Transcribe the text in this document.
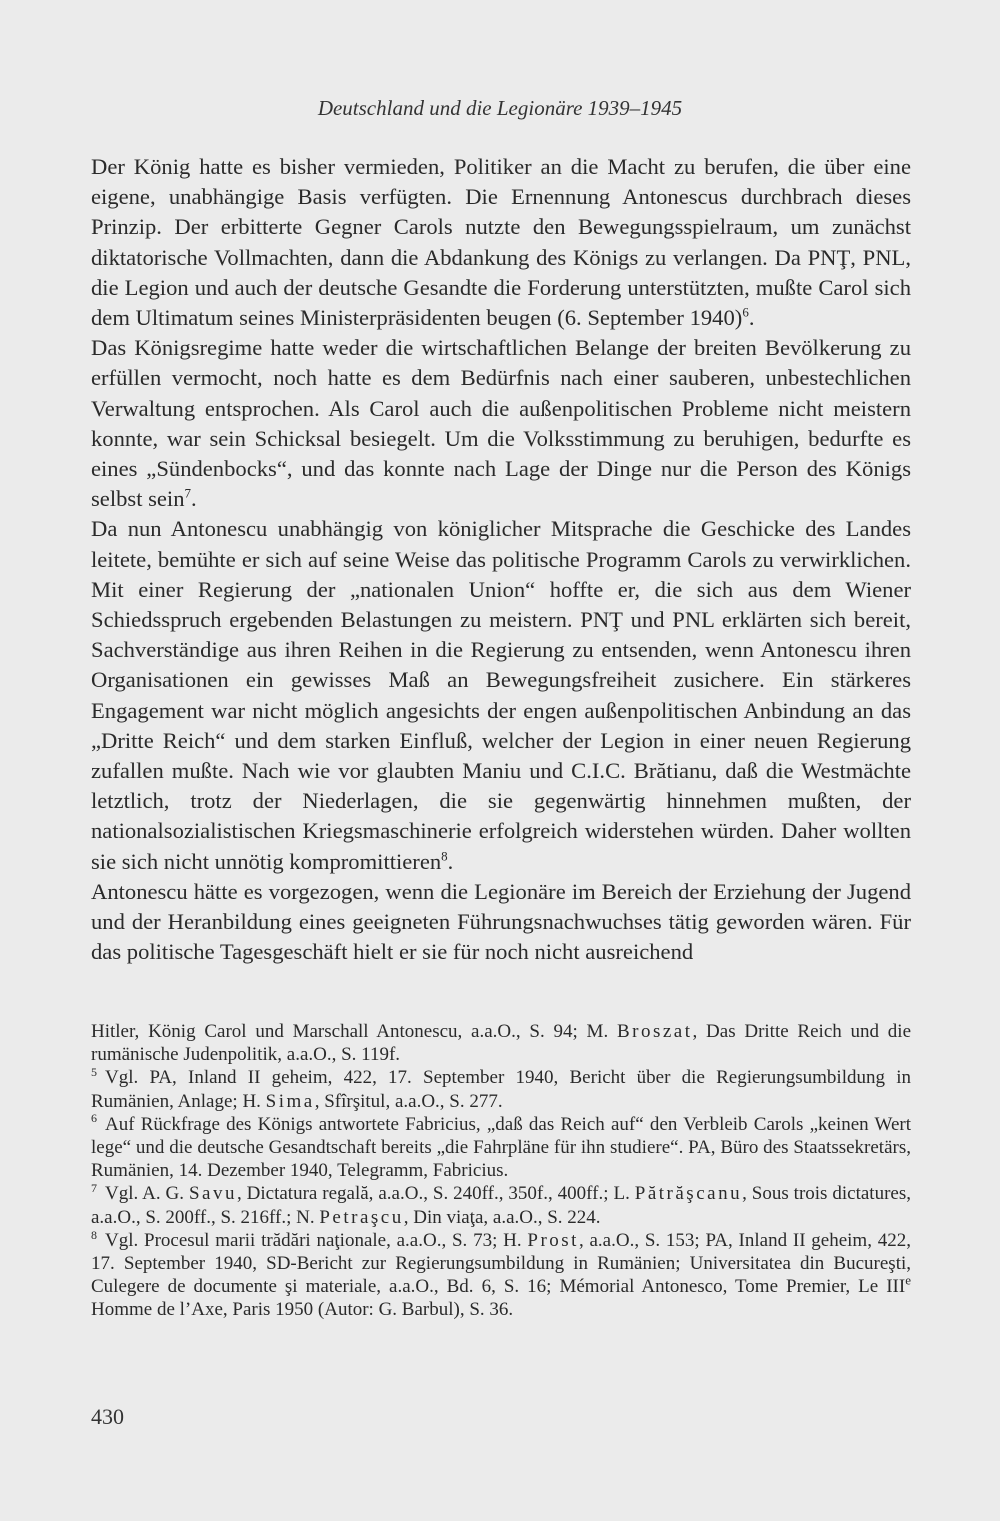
Deutschland und die Legionäre 1939–1945

Der König hatte es bisher vermieden, Politiker an die Macht zu berufen, die über eine eigene, unabhängige Basis verfügten. Die Ernennung Antonescus durchbrach dieses Prinzip. Der erbitterte Gegner Carols nutzte den Bewegungsspielraum, um zunächst diktatorische Vollmachten, dann die Abdankung des Königs zu verlangen. Da PNŢ, PNL, die Legion und auch der deutsche Gesandte die Forderung unterstützten, mußte Carol sich dem Ultimatum seines Ministerpräsidenten beugen (6. September 1940)$^6$.

Das Königsregime hatte weder die wirtschaftlichen Belange der breiten Bevölkerung zu erfüllen vermocht, noch hatte es dem Bedürfnis nach einer sauberen, unbestechlichen Verwaltung entsprochen. Als Carol auch die außenpolitischen Probleme nicht meistern konnte, war sein Schicksal besiegelt. Um die Volksstimmung zu beruhigen, bedurfte es eines „Sündenbocks“, und das konnte nach Lage der Dinge nur die Person des Königs selbst sein$^7$.

Da nun Antonescu unabhängig von königlicher Mitsprache die Geschicke des Landes leitete, bemühte er sich auf seine Weise das politische Programm Carols zu verwirklichen. Mit einer Regierung der „nationalen Union“ hoffte er, die sich aus dem Wiener Schiedsspruch ergebenden Belastungen zu meistern. PNŢ und PNL erklärten sich bereit, Sachverständige aus ihren Reihen in die Regierung zu entsenden, wenn Antonescu ihren Organisationen ein gewisses Maß an Bewegungsfreiheit zusichere. Ein stärkeres Engagement war nicht möglich angesichts der engen außenpolitischen Anbindung an das „Dritte Reich“ und dem starken Einfluß, welcher der Legion in einer neuen Regierung zufallen mußte. Nach wie vor glaubten Maniu und C.I.C. Brătianu, daß die Westmächte letztlich, trotz der Niederlagen, die sie gegenwärtig hinnehmen mußten, der nationalsozialistischen Kriegsmaschinerie erfolgreich widerstehen würden. Daher wollten sie sich nicht unnötig kompromittieren$^8$.

Antonescu hätte es vorgezogen, wenn die Legionäre im Bereich der Erziehung der Jugend und der Heranbildung eines geeigneten Führungsnachwuchses tätig geworden wären. Für das politische Tagesgeschäft hielt er sie für noch nicht ausreichend

Hitler, König Carol und Marschall Antonescu, a.a.O., S. 94; M. Broszat, Das Dritte Reich und die rumänische Judenpolitik, a.a.O., S. 119f.

$^5$ Vgl. PA, Inland II geheim, 422, 17. September 1940, Bericht über die Regierungsumbildung in Rumänien, Anlage; H. Sima, Sfîrşitul, a.a.O., S. 277.

$^6$ Auf Rückfrage des Königs antwortete Fabricius, „daß das Reich auf“ den Verbleib Carols „keinen Wert lege“ und die deutsche Gesandtschaft bereits „die Fahrpläne für ihn studiere“. PA, Büro des Staatssekretärs, Rumänien, 14. Dezember 1940, Telegramm, Fabricius.

$^7$ Vgl. A. G. Savu, Dictatura regală, a.a.O., S. 240ff., 350f., 400ff.; L. Pătrăşcanu, Sous trois dictatures, a.a.O., S. 200ff., S. 216ff.; N. Petraşcu, Din viaţa, a.a.O., S. 224.

$^8$ Vgl. Procesul marii trădări naţionale, a.a.O., S. 73; H. Prost, a.a.O., S. 153; PA, Inland II geheim, 422, 17. September 1940, SD-Bericht zur Regierungsumbildung in Rumänien; Universitatea din Bucureşti, Culegere de documente şi materiale, a.a.O., Bd. 6, S. 16; Mémorial Antonesco, Tome Premier, Le IIIe Homme de l’Axe, Paris 1950 (Autor: G. Barbul), S. 36.

430
